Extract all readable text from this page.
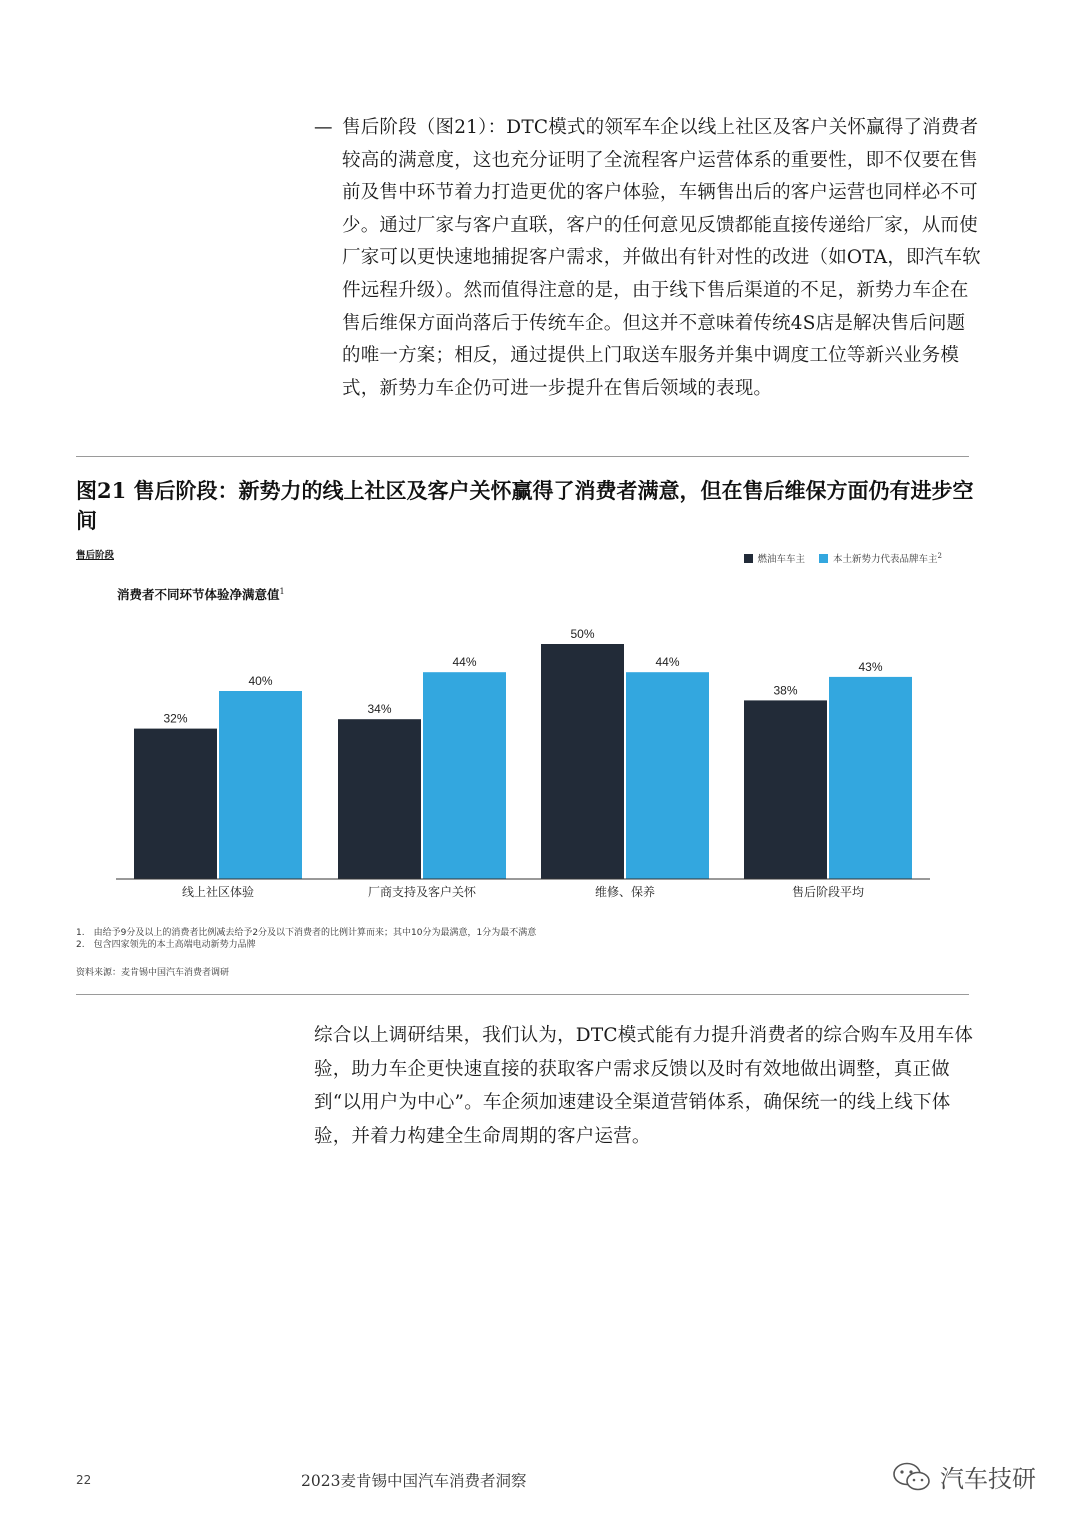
— 售后阶段（图21）：DTC模式的领军车企以线上社区及客户关怀赢得了消费者较高的满意度，这也充分证明了全流程客户运营体系的重要性，即不仅要在售前及售中环节着力打造更优的客户体验，车辆售出后的客户运营也同样必不可少。通过厂家与客户直联，客户的任何意见反馈都能直接传递给厂家，从而使厂家可以更快速地捕捉客户需求，并做出有针对性的改进（如OTA，即汽车软件远程升级）。然而值得注意的是，由于线下售后渠道的不足，新势力车企在售后维保方面尚落后于传统车企。但这并不意味着传统4S店是解决售后问题的唯一方案；相反，通过提供上门取送车服务并集中调度工位等新兴业务模式，新势力车企仍可进一步提升在售后领域的表现。
图21 售后阶段：新势力的线上社区及客户关怀赢得了消费者满意，但在售后维保方面仍有进步空间
售后阶段	燃油车车主	本土新势力代表品牌车主$^2$
消费者不同环节体验净满意值$^1$
32%
40%
线上社区体验
34%
44%
厂商支持及客户关怀
50%
44%
维修、保养
38%
43%
售后阶段平均
1. 由给予9分及以上的消费者比例减去给予2分及以下消费者的比例计算而来；其中10分为最满意，1分为最不满意
2. 包含四家领先的本土高端电动新势力品牌
资料来源：麦肯锡中国汽车消费者调研
综合以上调研结果，我们认为，DTC模式能有力提升消费者的综合购车及用车体验，助力车企更快速直接的获取客户需求反馈以及时有效地做出调整，真正做到“以用户为中心”。车企须加速建设全渠道营销体系，确保统一的线上线下体验，并着力构建全生命周期的客户运营。
22	2023麦肯锡中国汽车消费者洞察	汽车技研
